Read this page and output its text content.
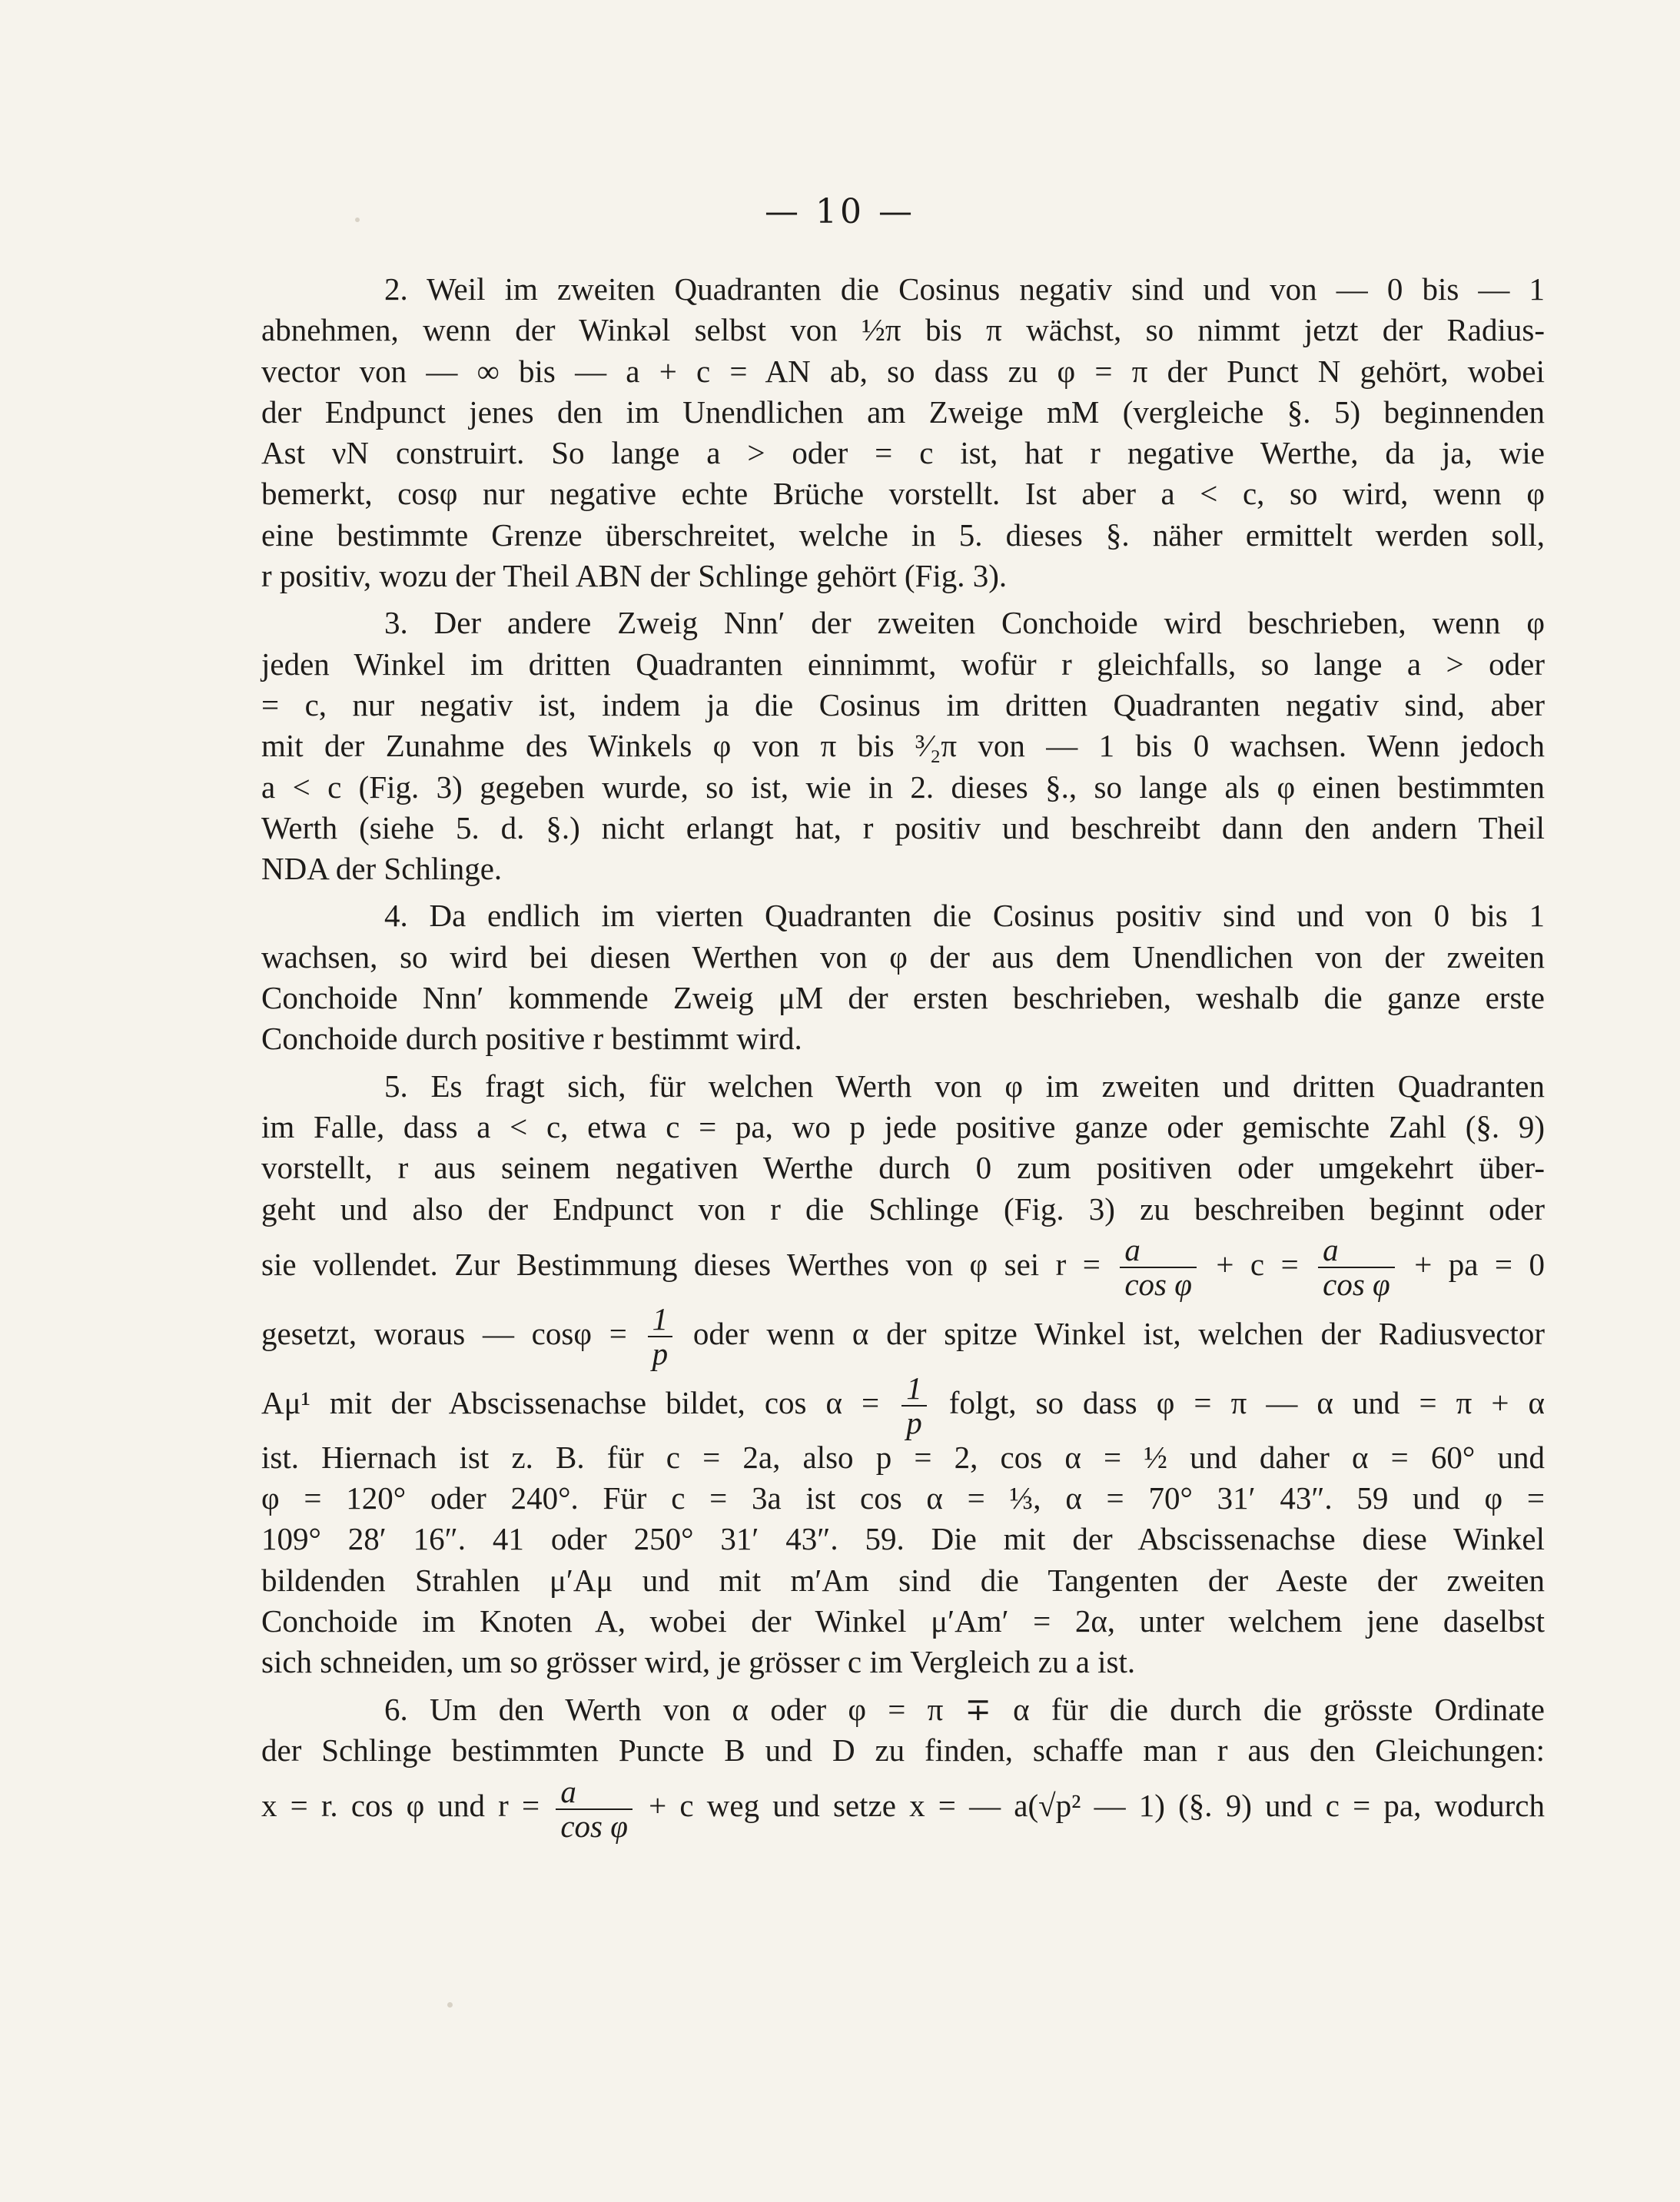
— 10 —
2. Weil im zweiten Quadranten die Cosinus negativ sind und von — 0 bis — 1
abnehmen, wenn der Winkəl selbst von ½π bis π wächst, so nimmt jetzt der Radius-
vector von — ∞ bis — a + c = AN ab, so dass zu φ = π der Punct N gehört, wobei
der Endpunct jenes den im Unendlichen am Zweige mM (vergleiche §. 5) beginnenden
Ast νN construirt. So lange a > oder = c ist, hat r negative Werthe, da ja, wie
bemerkt, cosφ nur negative echte Brüche vorstellt. Ist aber a < c, so wird, wenn φ
eine bestimmte Grenze überschreitet, welche in 5. dieses §. näher ermittelt werden soll,
r positiv, wozu der Theil ABN der Schlinge gehört (Fig. 3).
3. Der andere Zweig Nnn′ der zweiten Conchoide wird beschrieben, wenn φ
jeden Winkel im dritten Quadranten einnimmt, wofür r gleichfalls, so lange a > oder
= c, nur negativ ist, indem ja die Cosinus im dritten Quadranten negativ sind, aber
mit der Zunahme des Winkels φ von π bis ³⁄₂π von — 1 bis 0 wachsen. Wenn jedoch
a < c (Fig. 3) gegeben wurde, so ist, wie in 2. dieses §., so lange als φ einen bestimmten
Werth (siehe 5. d. §.) nicht erlangt hat, r positiv und beschreibt dann den andern Theil
NDA der Schlinge.
4. Da endlich im vierten Quadranten die Cosinus positiv sind und von 0 bis 1
wachsen, so wird bei diesen Werthen von φ der aus dem Unendlichen von der zweiten
Conchoide Nnn′ kommende Zweig μM der ersten beschrieben, weshalb die ganze erste
Conchoide durch positive r bestimmt wird.
5. Es fragt sich, für welchen Werth von φ im zweiten und dritten Quadranten
im Falle, dass a < c, etwa c = pa, wo p jede positive ganze oder gemischte Zahl (§. 9)
vorstellt, r aus seinem negativen Werthe durch 0 zum positiven oder umgekehrt über-
geht und also der Endpunct von r die Schlinge (Fig. 3) zu beschreiben beginnt oder
sie vollendet. Zur Bestimmung dieses Werthes von φ sei $r = \frac{a}{\text{cos φ}} + c = \frac{a}{\text{cos φ}}$ + pa = 0
gesetzt, woraus — $\cos\varphi = \frac{1}{p}$ oder wenn α der spitze Winkel ist, welchen der Radiusvector
Aμ¹ mit der Abscissenachse bildet, $\cos \alpha = \frac{1}{p} folgt$, so dass φ = π — α und = π + α
ist. Hiernach ist z. B. für c = 2a, also p = 2, cos α = ½ und daher α = 60° und
φ = 120° oder 240°. Für c = 3a ist cos α = ⅓, α = 70° 31′ 43″. 59 und φ =
109° 28′ 16″. 41 oder 250° 31′ 43″. 59. Die mit der Abscissenachse diese Winkel
bildenden Strahlen μ′Aμ und mit m′Am sind die Tangenten der Aeste der zweiten
Conchoide im Knoten A, wobei der Winkel μ′Am′ = 2α, unter welchem jene daselbst
sich schneiden, um so grösser wird, je grösser c im Vergleich zu a ist.
6. Um den Werth von α oder φ = π ∓ α für die durch die grösste Ordinate
der Schlinge bestimmten Puncte B und D zu finden, schaffe man r aus den Gleichungen:
x = r. cos φ und $r = \frac{a}{\text{cos φ}} + c$ weg und setze x = — a(√p² — 1) (§. 9) und c = pa, wodurch
